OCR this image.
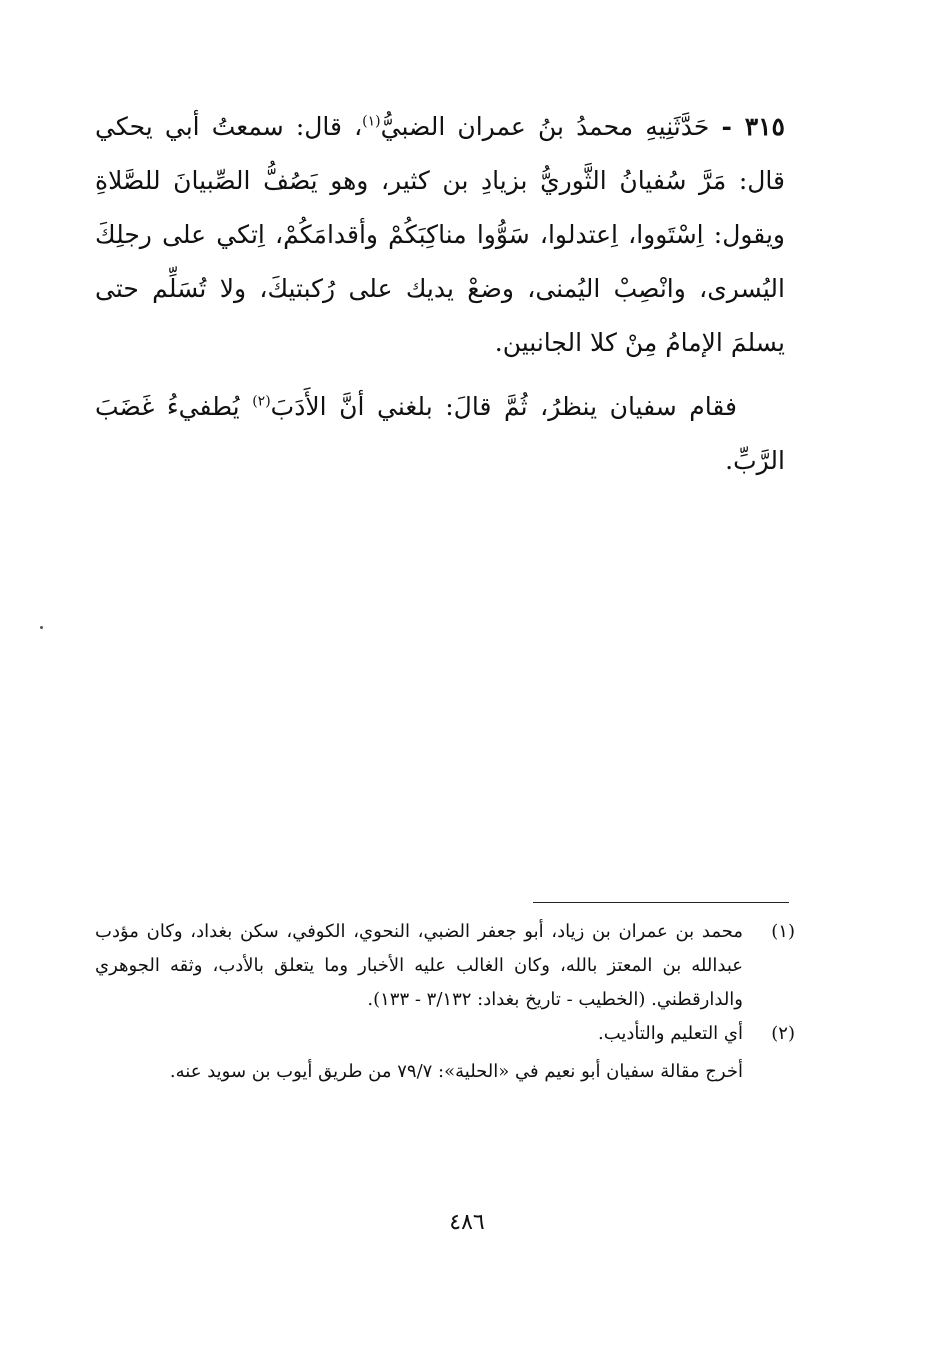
٣١٥ - حَدَّثَنِيهِ محمدُ بنُ عمران الضبيُّ$^{(١)}$، قال: سمعتُ أبي يحكي قال: مَرَّ سُفيانُ الثَّوريُّ بزيادِ بن كثير، وهو يَصُفُّ الصِّبيانَ للصَّلاةِ ويقول: اِسْتَووا، اِعتدلوا، سَوُّوا مناكِبَكُمْ وأقدامَكُمْ، اِتكي على رجلِكَ اليُسرى، وانْصِبْ اليُمنى، وضعْ يديك على رُكبتيكَ، ولا تُسَلِّم حتى يسلمَ الإمامُ مِنْ كلا الجانبين.

فقام سفيان ينظرُ، ثُمَّ قالَ: بلغني أنَّ الأَدَبَ$^{(٢)}$ يُطفيءُ غَضَبَ الرَّبِّ.

(١)
محمد بن عمران بن زياد، أبو جعفر الضبي، النحوي، الكوفي، سكن بغداد، وكان مؤدب عبدالله بن المعتز بالله، وكان الغالب عليه الأخبار وما يتعلق بالأدب، وثقه الجوهري والدارقطني. (الخطيب - تاريخ بغداد: ٣/١٣٢ - ١٣٣).
(٢)
أي التعليم والتأديب.
أخرج مقالة سفيان أبو نعيم في «الحلية»: ٧٩/٧ من طريق أيوب بن سويد عنه.
٤٨٦
